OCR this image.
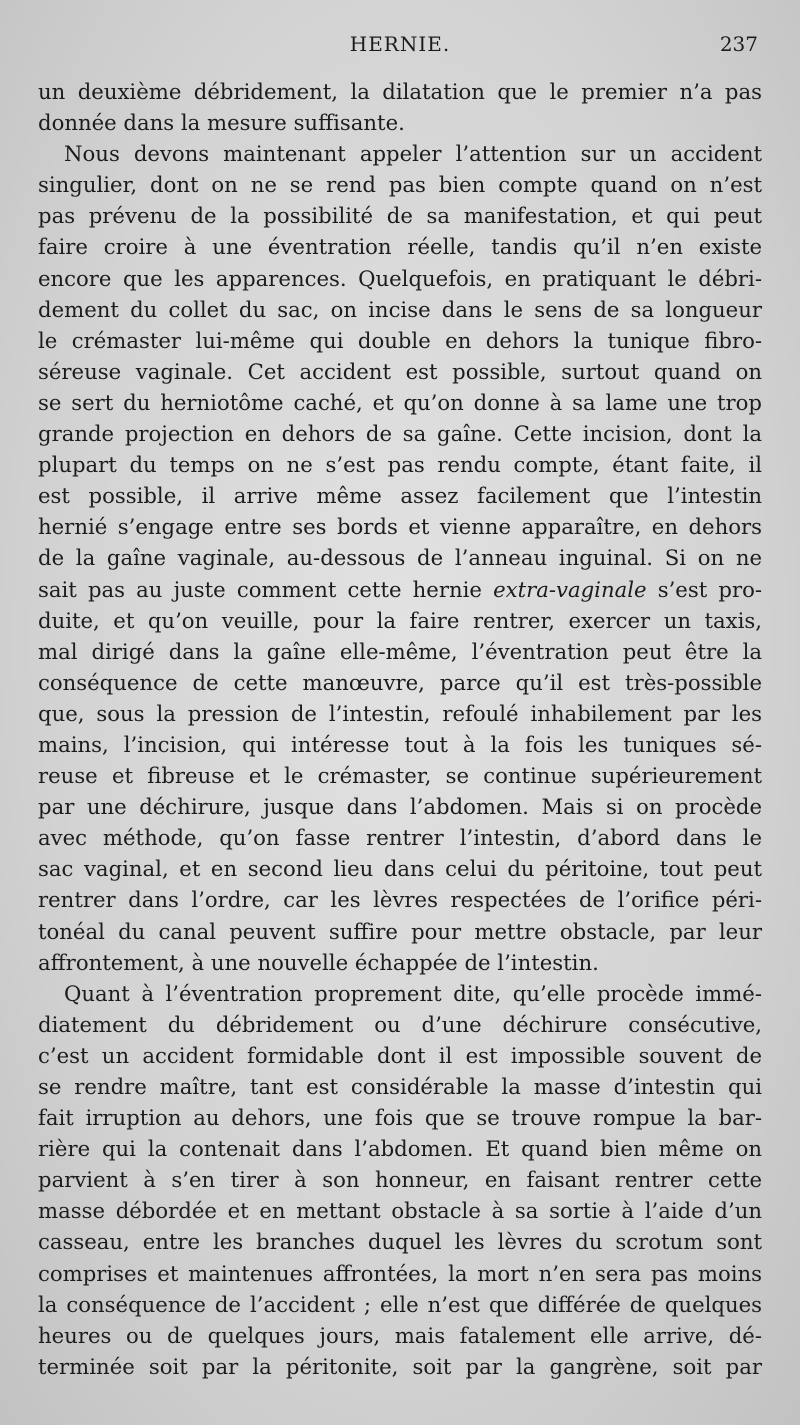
HERNIE.	237
un deuxième débridement, la dilatation que le premier n’a pas
donnée dans la mesure suffisante.
Nous devons maintenant appeler l’attention sur un accident
singulier, dont on ne se rend pas bien compte quand on n’est
pas prévenu de la possibilité de sa manifestation, et qui peut
faire croire à une éventration réelle, tandis qu’il n’en existe
encore que les apparences. Quelquefois, en pratiquant le débri-
dement du collet du sac, on incise dans le sens de sa longueur
le crémaster lui-même qui double en dehors la tunique fibro-
séreuse vaginale. Cet accident est possible, surtout quand on
se sert du herniotôme caché, et qu’on donne à sa lame une trop
grande projection en dehors de sa gaîne. Cette incision, dont la
plupart du temps on ne s’est pas rendu compte, étant faite, il
est possible, il arrive même assez facilement que l’intestin
hernié s’engage entre ses bords et vienne apparaître, en dehors
de la gaîne vaginale, au-dessous de l’anneau inguinal. Si on ne
sait pas au juste comment cette hernie extra-vaginale s’est pro-
duite, et qu’on veuille, pour la faire rentrer, exercer un taxis,
mal dirigé dans la gaîne elle-même, l’éventration peut être la
conséquence de cette manœuvre, parce qu’il est très-possible
que, sous la pression de l’intestin, refoulé inhabilement par les
mains, l’incision, qui intéresse tout à la fois les tuniques sé-
reuse et fibreuse et le crémaster, se continue supérieurement
par une déchirure, jusque dans l’abdomen. Mais si on procède
avec méthode, qu’on fasse rentrer l’intestin, d’abord dans le
sac vaginal, et en second lieu dans celui du péritoine, tout peut
rentrer dans l’ordre, car les lèvres respectées de l’orifice péri-
tonéal du canal peuvent suffire pour mettre obstacle, par leur
affrontement, à une nouvelle échappée de l’intestin.
Quant à l’éventration proprement dite, qu’elle procède immé-
diatement du débridement ou d’une déchirure consécutive,
c’est un accident formidable dont il est impossible souvent de
se rendre maître, tant est considérable la masse d’intestin qui
fait irruption au dehors, une fois que se trouve rompue la bar-
rière qui la contenait dans l’abdomen. Et quand bien même on
parvient à s’en tirer à son honneur, en faisant rentrer cette
masse débordée et en mettant obstacle à sa sortie à l’aide d’un
casseau, entre les branches duquel les lèvres du scrotum sont
comprises et maintenues affrontées, la mort n’en sera pas moins
la conséquence de l’accident ; elle n’est que différée de quelques
heures ou de quelques jours, mais fatalement elle arrive, dé-
terminée soit par la péritonite, soit par la gangrène, soit par
